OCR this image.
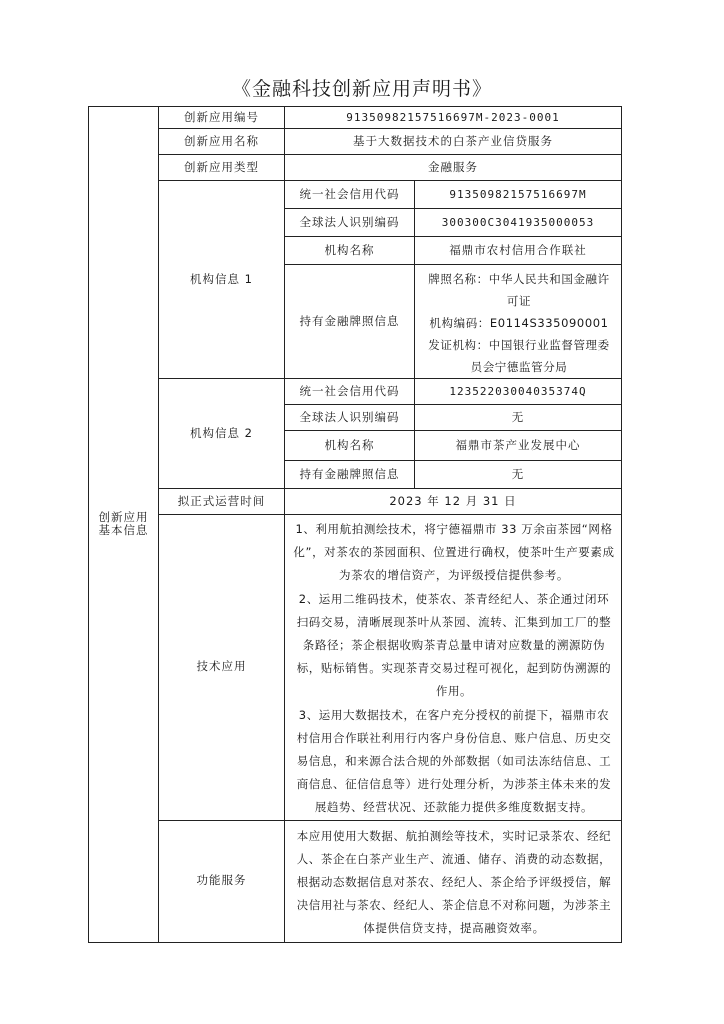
《金融科技创新应用声明书》
创新应用基本信息	创新应用编号	91350982157516697M-2023-0001	
	创新应用名称	基于大数据技术的白茶产业信贷服务	
	创新应用类型	金融服务	
	机构信息 1	统一社会信用代码	91350982157516697M
		全球法人识别编码	300300C3041935000053
		机构名称	福鼎市农村信用合作联社
		持有金融牌照信息	牌照名称：中华人民共和国金融许可证
机构编码：E0114S335090001
发证机构：中国银行业监督管理委员会宁德监管分局

	机构信息 2	统一社会信用代码	12352203004035374Q
		全球法人识别编码	无
		机构名称	福鼎市茶产业发展中心
		持有金融牌照信息	无
	拟正式运营时间	2023 年 12 月 31 日	
	技术应用	1、利用航拍测绘技术，将宁德福鼎市 33 万余亩茶园“网格化”，对茶农的茶园面积、位置进行确权，使茶叶生产要素成为茶农的增信资产，为评级授信提供参考。
2、运用二维码技术，使茶农、茶青经纪人、茶企通过闭环扫码交易，清晰展现茶叶从茶园、流转、汇集到加工厂的整条路径；茶企根据收购茶青总量申请对应数量的溯源防伪标，贴标销售。实现茶青交易过程可视化，起到防伪溯源的作用。
3、运用大数据技术，在客户充分授权的前提下，福鼎市农村信用合作联社利用行内客户身份信息、账户信息、历史交易信息，和来源合法合规的外部数据（如司法冻结信息、工商信息、征信信息等）进行处理分析，为涉茶主体未来的发展趋势、经营状况、还款能力提供多维度数据支持。	

	功能服务	本应用使用大数据、航拍测绘等技术，实时记录茶农、经纪人、茶企在白茶产业生产、流通、储存、消费的动态数据，根据动态数据信息对茶农、经纪人、茶企给予评级授信，解决信用社与茶农、经纪人、茶企信息不对称问题，为涉茶主体提供信贷支持，提高融资效率。	
